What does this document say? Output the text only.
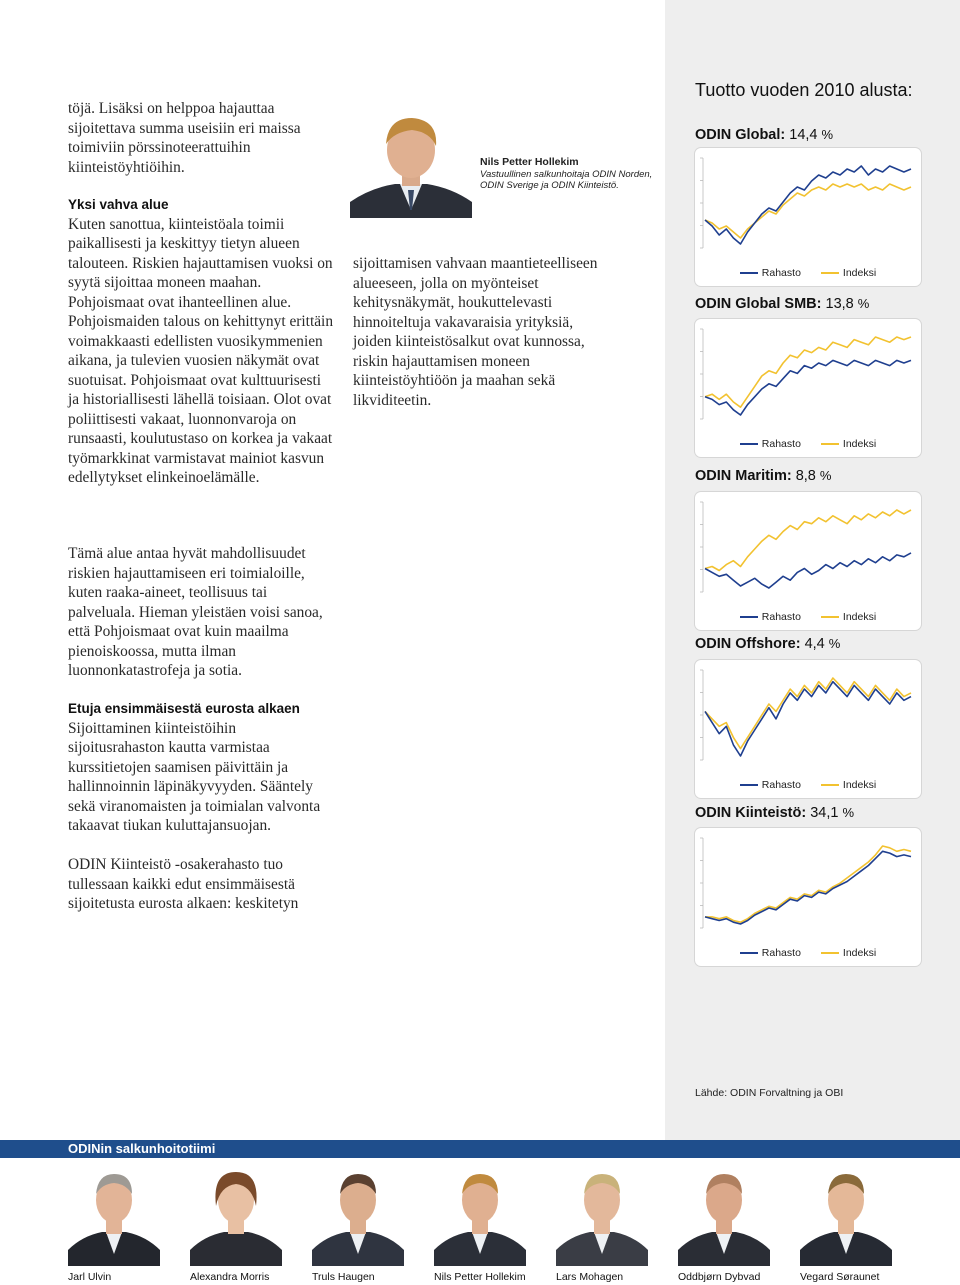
töjä. Lisäksi on helppoa hajauttaa sijoitettava summa useisiin eri maissa toimiviin pörssinoteerattuihin kiinteistöyhtiöihin.

Yksi vahva alue

Kuten sanottua, kiinteistöala toimii paikallisesti ja keskittyy tietyn alueen talouteen. Riskien hajauttamisen vuoksi on syytä sijoittaa moneen maahan. Pohjoismaat ovat ihanteellinen alue. Pohjoismaiden talous on kehittynyt erittäin voimakkaasti edellisten vuosikymmenien aikana, ja tulevien vuosien näkymät ovat suotuisat. Pohjoismaat ovat kulttuurisesti ja historiallisesti lähellä toisiaan. Olot ovat poliittisesti vakaat, luonnonvaroja on runsaasti, koulutustaso on korkea ja vakaat työmarkkinat varmistavat mainiot kasvun edellytykset elinkeinoelämälle.

Tämä alue antaa hyvät mahdollisuudet riskien hajauttamiseen eri toimialoille, kuten raaka-aineet, teollisuus tai palveluala. Hieman yleistäen voisi sanoa, että Pohjoismaat ovat kuin maailma pienoiskoossa, mutta ilman luonnonkatastrofeja ja sotia.

Etuja ensimmäisestä eurosta alkaen

Sijoittaminen kiinteistöihin sijoitusrahaston kautta varmistaa kurssitietojen saamisen päivittäin ja hallinnoinnin läpinäkyvyyden. Sääntely sekä viranomaisten ja toimialan valvonta takaavat tiukan kuluttajansuojan.

ODIN Kiinteistö -osakerahasto tuo tullessaan kaikki edut ensimmäisestä sijoitetusta eurosta alkaen: keskitetyn

Nils Petter Hollekim
Vastuullinen salkunhoitaja ODIN Norden, ODIN Sverige ja ODIN Kiinteistö.

sijoittamisen vahvaan maantieteelliseen alueeseen, jolla on myönteiset kehitysnäkymät, houkuttelevasti hinnoiteltuja vakavaraisia yrityksiä, joiden kiinteistösalkut ovat kunnossa, riskin hajauttamisen moneen kiinteistöyhtiöön ja maahan sekä likviditeetin.

Tuotto vuoden 2010 alusta:
ODIN Global: 14,4 %
Rahasto	Indeksi
ODIN Global SMB: 13,8 %
Rahasto	Indeksi
ODIN Maritim: 8,8 %
Rahasto	Indeksi
ODIN Offshore: 4,4 %
Rahasto	Indeksi
ODIN Kiinteistö: 34,1 %
Rahasto	Indeksi
Lähde: ODIN Forvaltning ja OBI
ODINin salkunhoitotiimi
Jarl Ulvin	Alexandra Morris	Truls Haugen	Nils Petter Hollekim	Lars Mohagen	Oddbjørn Dybvad	Vegard Søraunet
